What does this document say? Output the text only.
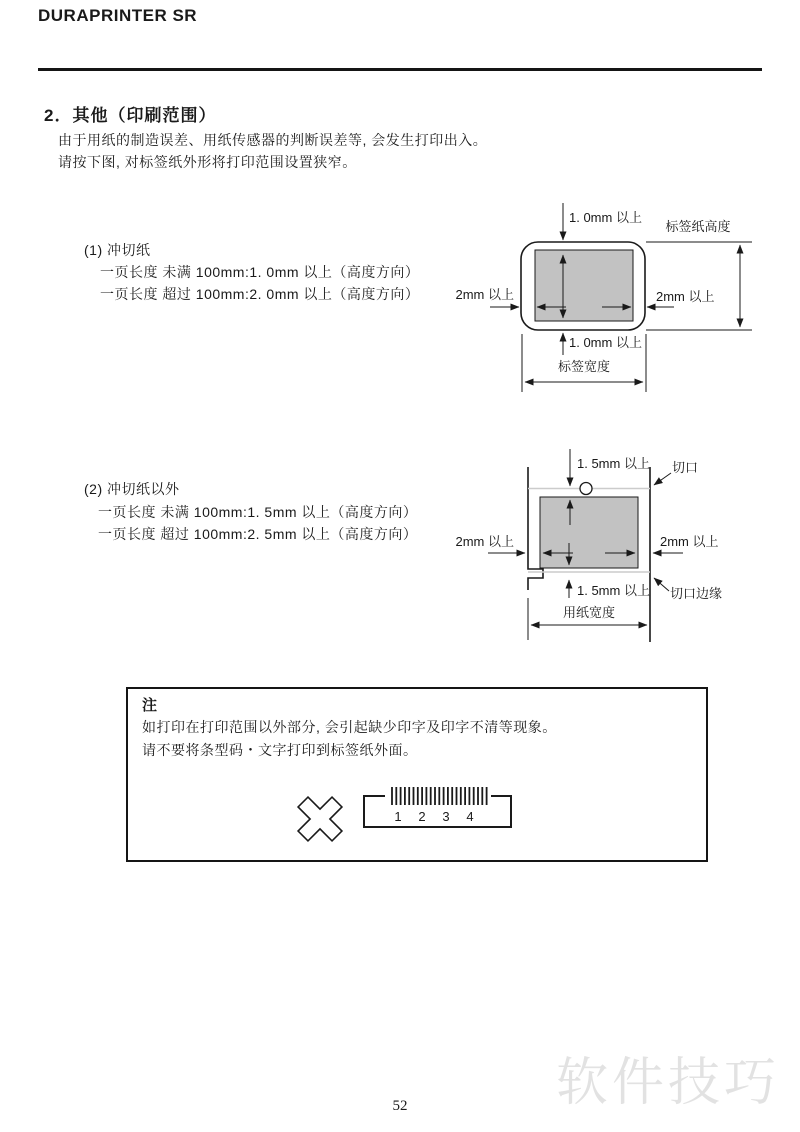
DURAPRINTER SR
2．其他（印刷范围）
由于用纸的制造误差、用纸传感器的判断误差等, 会发生打印出入。
请按下图, 对标签纸外形将打印范围设置狭窄。
(1) 冲切纸
一页长度 未满 100mm:1. 0mm 以上（高度方向）
一页长度 超过 100mm:2. 0mm 以上（高度方向）
1. 0mm 以上
2mm 以上	2mm 以上
1. 0mm 以上
标签纸高度
标签宽度
(2) 冲切纸以外
一页长度 未满 100mm:1. 5mm 以上（高度方向）
一页长度 超过 100mm:2. 5mm 以上（高度方向）
1. 5mm 以上 切口
2mm 以上	2mm 以上
1. 5mm 以上 切口边缘
用纸宽度
注
如打印在打印范围以外部分, 会引起缺少印字及印字不清等现象。
请不要将条型码・文字打印到标签纸外面。
1 2 3 4
软件技巧
52
